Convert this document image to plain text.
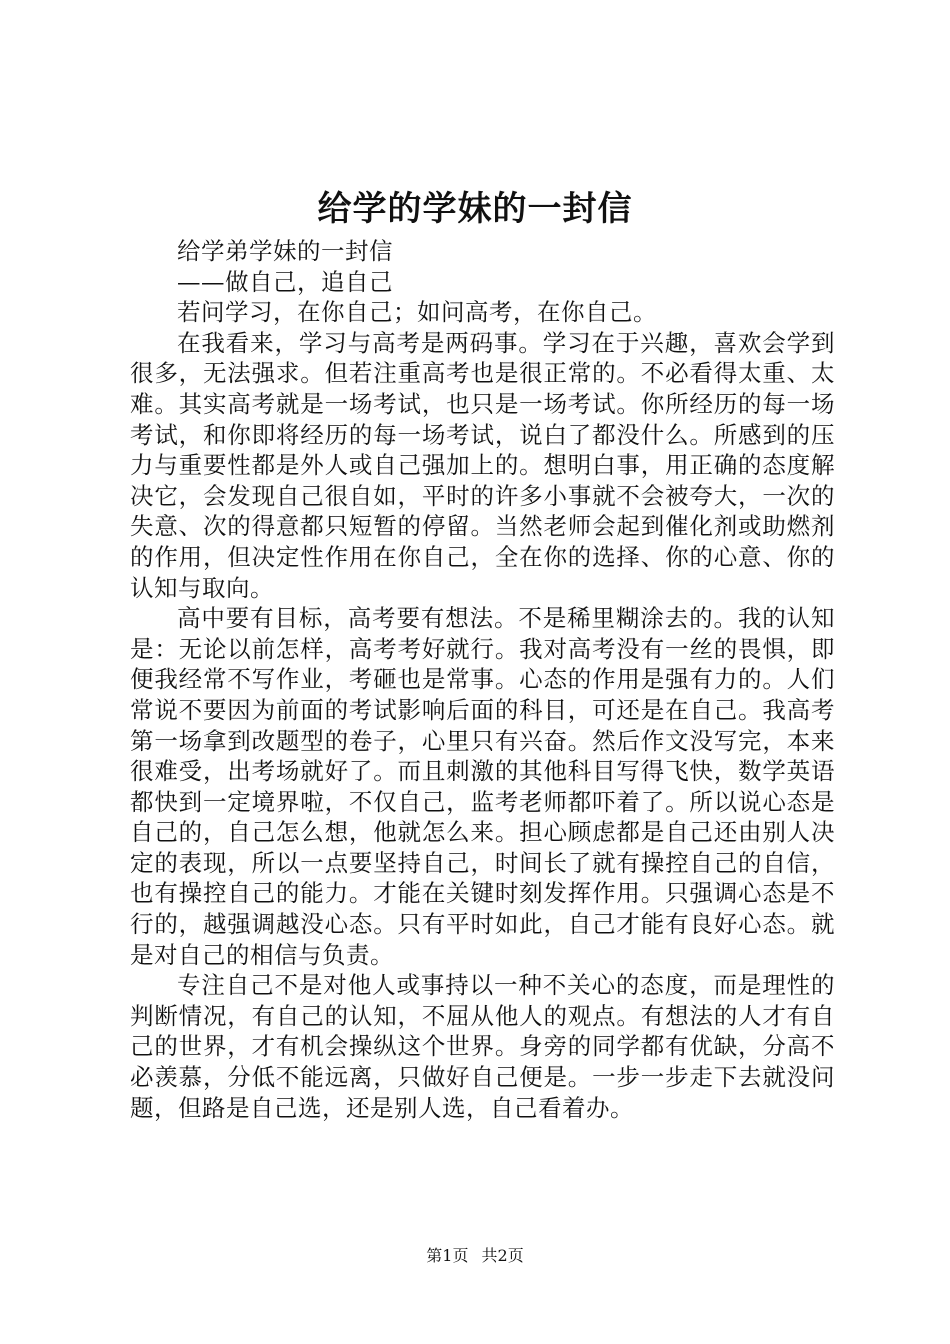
给学的学妹的一封信

给学弟学妹的一封信

——做自己，追自己

若问学习，在你自己；如问高考，在你自己。

在我看来，学习与高考是两码事。学习在于兴趣，喜欢会学到很多，无法强求。但若注重高考也是很正常的。不必看得太重、太难。其实高考就是一场考试，也只是一场考试。你所经历的每一场考试，和你即将经历的每一场考试，说白了都没什么。所感到的压力与重要性都是外人或自己强加上的。想明白事，用正确的态度解决它，会发现自己很自如，平时的许多小事就不会被夸大，一次的失意、次的得意都只短暂的停留。当然老师会起到催化剂或助燃剂的作用，但决定性作用在你自己，全在你的选择、你的心意、你的认知与取向。

高中要有目标，高考要有想法。不是稀里糊涂去的。我的认知是：无论以前怎样，高考考好就行。我对高考没有一丝的畏惧，即便我经常不写作业，考砸也是常事。心态的作用是强有力的。人们常说不要因为前面的考试影响后面的科目，可还是在自己。我高考第一场拿到改题型的卷子，心里只有兴奋。然后作文没写完，本来很难受，出考场就好了。而且刺激的其他科目写得飞快，数学英语都快到一定境界啦，不仅自己，监考老师都吓着了。所以说心态是自己的，自己怎么想，他就怎么来。担心顾虑都是自己还由别人决定的表现，所以一点要坚持自己，时间长了就有操控自己的自信，也有操控自己的能力。才能在关键时刻发挥作用。只强调心态是不行的，越强调越没心态。只有平时如此，自己才能有良好心态。就是对自己的相信与负责。

专注自己不是对他人或事持以一种不关心的态度，而是理性的判断情况，有自己的认知，不屈从他人的观点。有想法的人才有自己的世界，才有机会操纵这个世界。身旁的同学都有优缺，分高不必羡慕，分低不能远离，只做好自己便是。一步一步走下去就没问题，但路是自己选，还是别人选，自己看着办。

第1页 共2页
